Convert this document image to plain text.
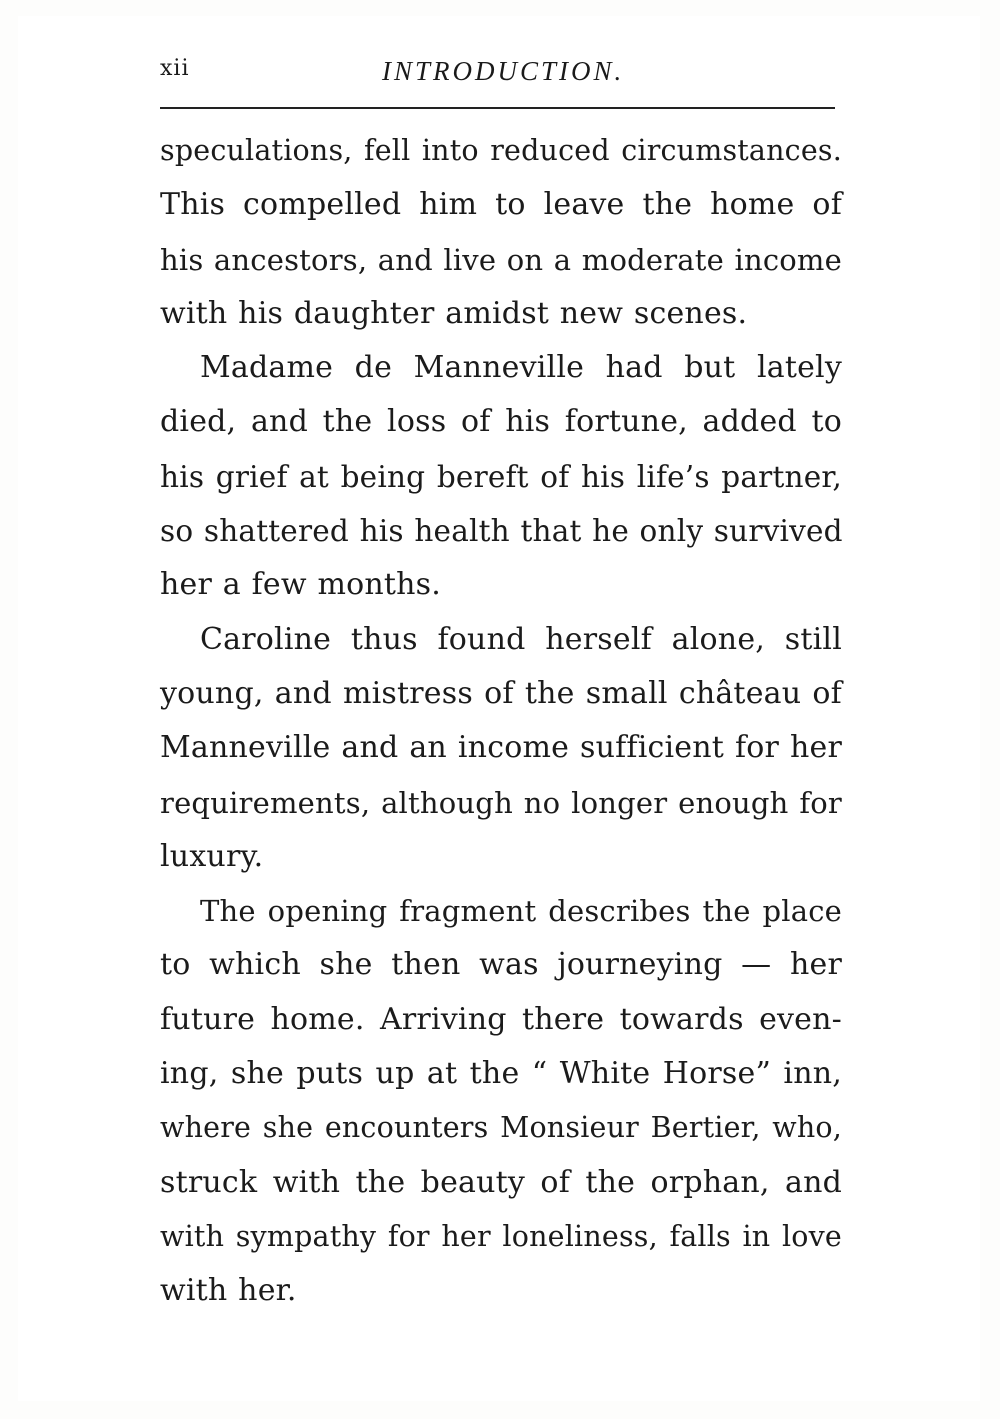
xii	INTRODUCTION.
speculations, fell into reduced circumstances.
This compelled him to leave the home of
his ancestors, and live on a moderate income
with his daughter amidst new scenes.
Madame de Manneville had but lately
died, and the loss of his fortune, added to
his grief at being bereft of his life’s partner,
so shattered his health that he only survived
her a few months.
Caroline thus found herself alone, still
young, and mistress of the small château of
Manneville and an income sufficient for her
requirements, although no longer enough for
luxury.
The opening fragment describes the place
to which she then was journeying — her
future home. Arriving there towards even-
ing, she puts up at the “ White Horse” inn,
where she encounters Monsieur Bertier, who,
struck with the beauty of the orphan, and
with sympathy for her loneliness, falls in love
with her.
